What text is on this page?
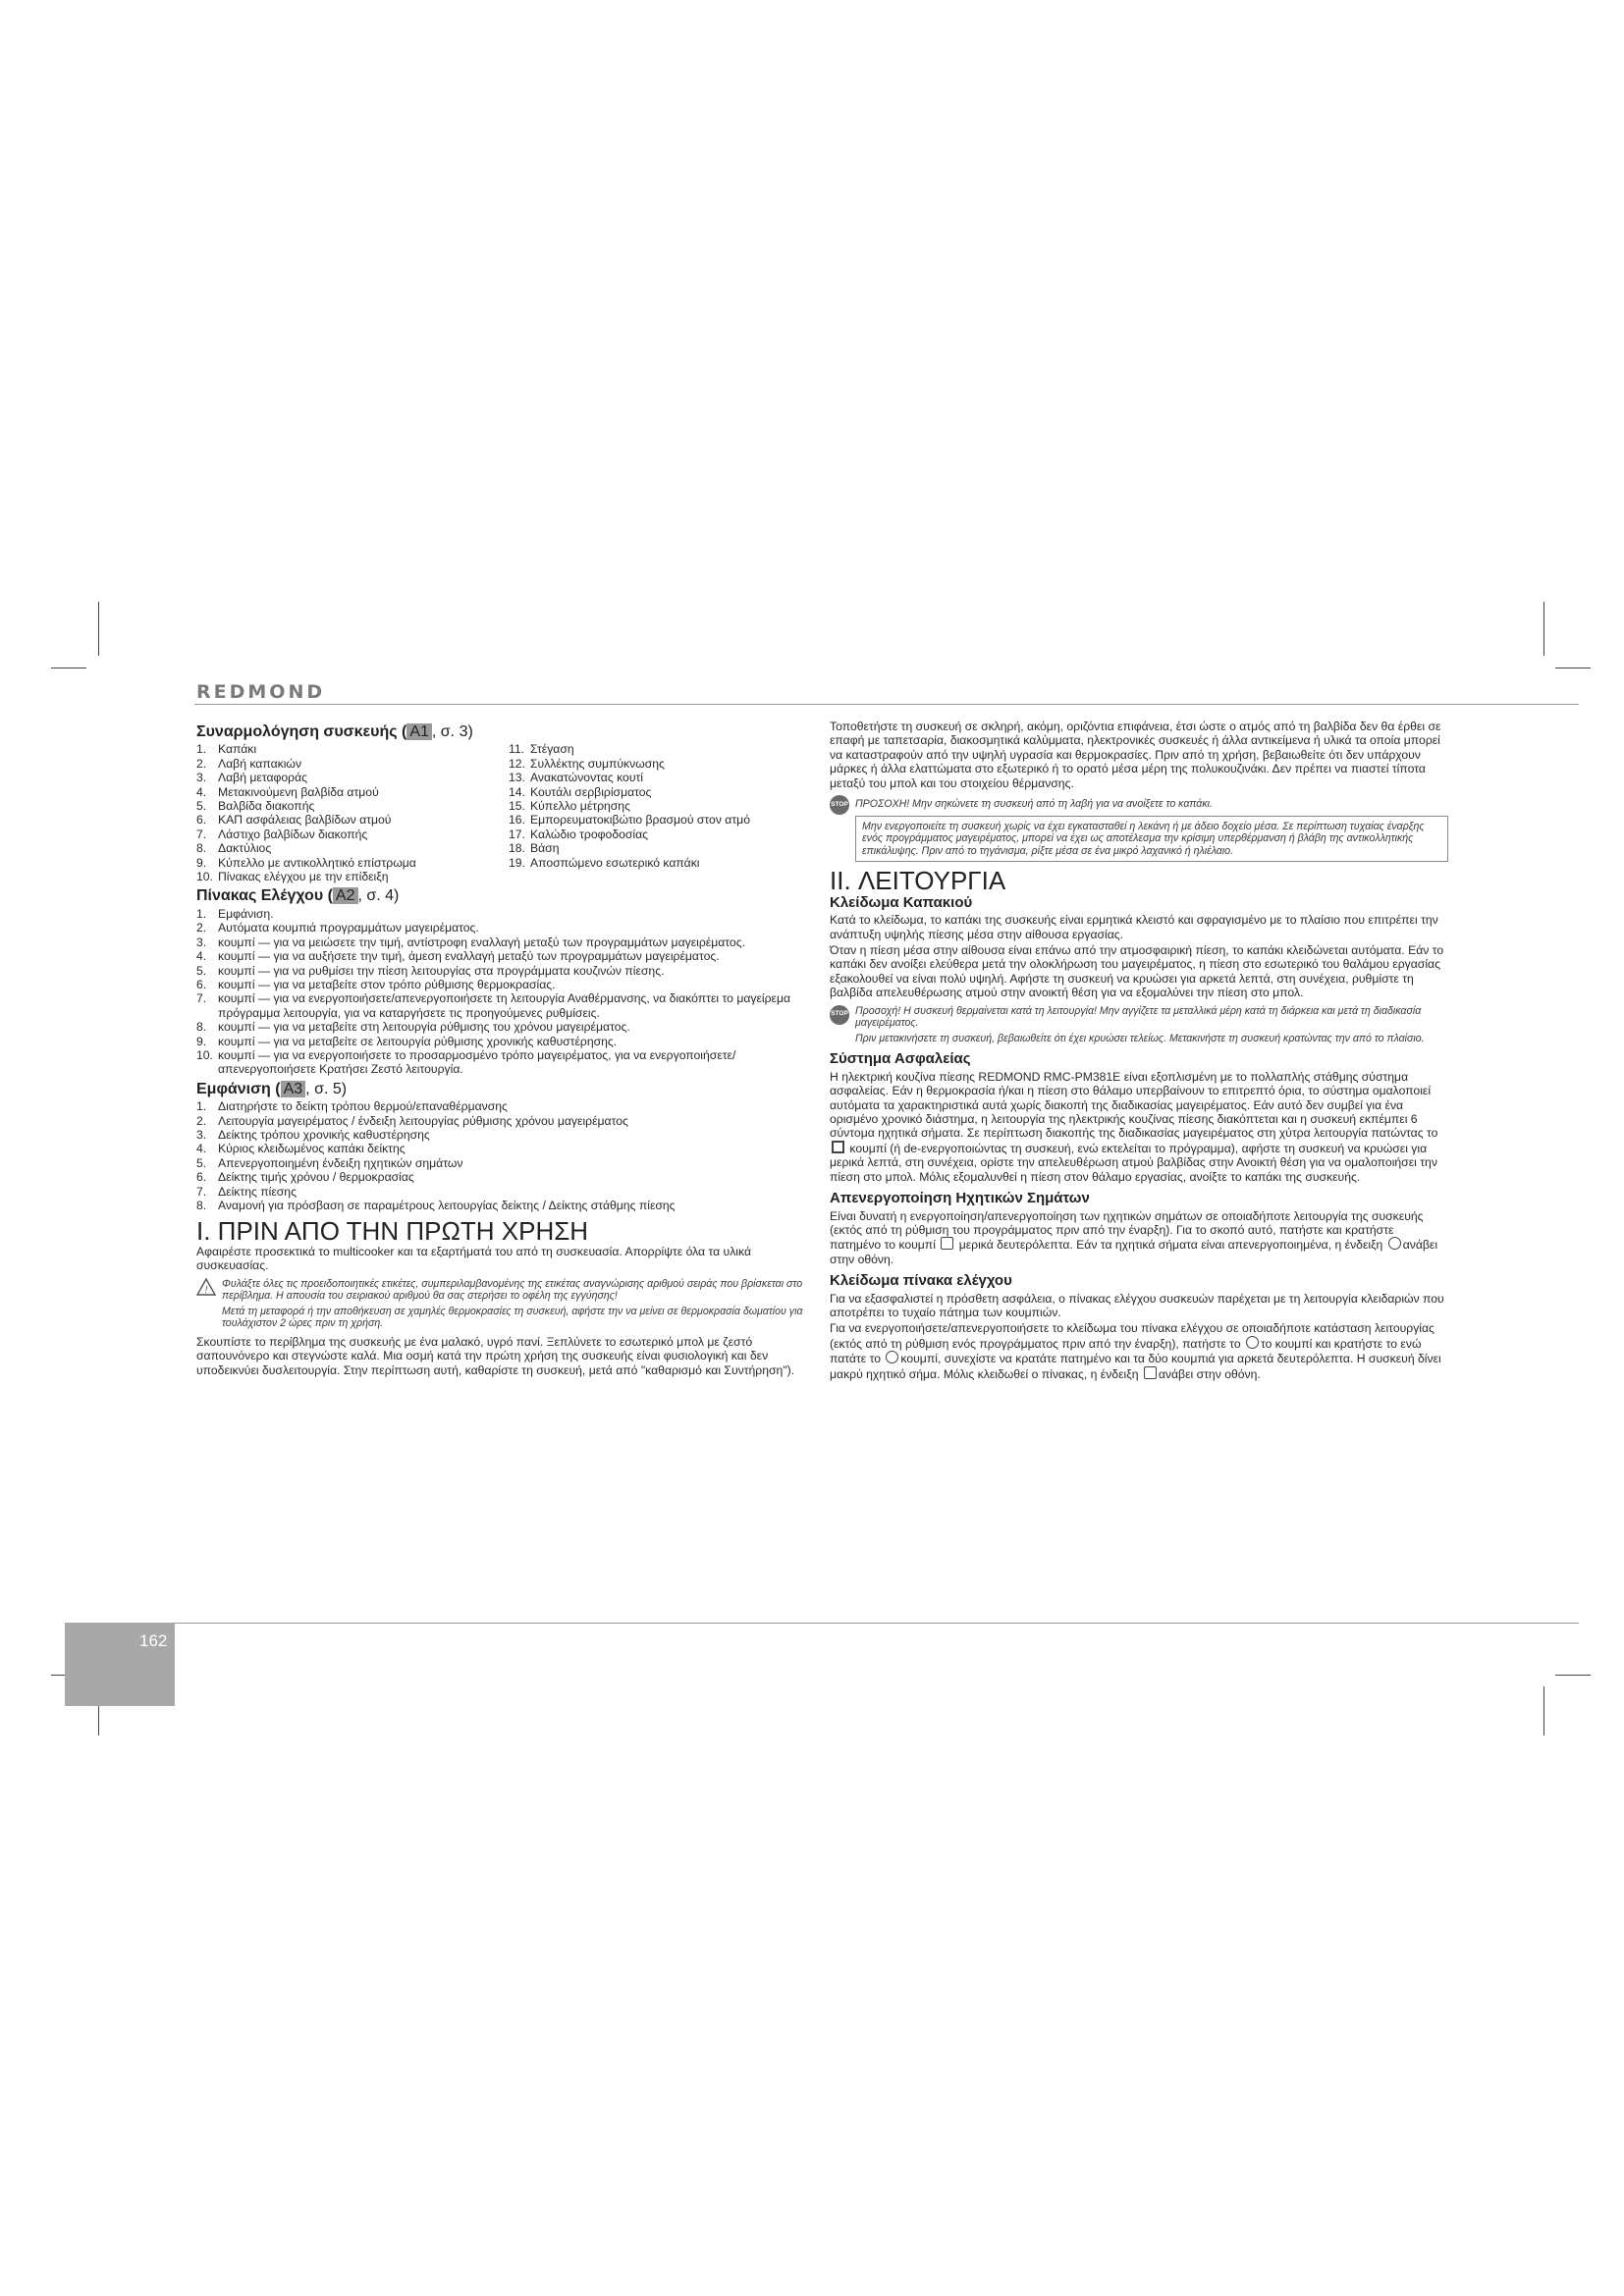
REDMOND
Συναρμολόγηση συσκευής ( A1 , σ. 3)
1. Καπάκι
2. Λαβή καπακιών
3. Λαβή μεταφοράς
4. Μετακινούμενη βαλβίδα ατμού
5. Βαλβίδα διακοπής
6. ΚΑΠ ασφάλειας βαλβίδων ατμού
7. Λάστιχο βαλβίδων διακοπής
8. Δακτύλιος
9. Κύπελλο με αντικολλητικό επίστρωμα
10. Πίνακας ελέγχου με την επίδειξη
11. Στέγαση
12. Συλλέκτης συμπύκνωσης
13. Ανακατώνοντας κουτί
14. Κουτάλι σερβιρίσματος
15. Κύπελλο μέτρησης
16. Εμπορευματοκιβώτιο βρασμού στον ατμό
17. Καλώδιο τροφοδοσίας
18. Βάση
19. Αποσπώμενο εσωτερικό καπάκι
Πίνακας Ελέγχου ( A2 , σ. 4)
1. Εμφάνιση.
2. Αυτόματα κουμπιά προγραμμάτων μαγειρέματος.
3. κουμπί — για να μειώσετε την τιμή, αντίστροφη εναλλαγή μεταξύ των προγραμμάτων μαγειρέματος.
4. κουμπί — για να αυξήσετε την τιμή, άμεση εναλλαγή μεταξύ των προγραμμάτων μαγειρέματος.
5. κουμπί — για να ρυθμίσει την πίεση λειτουργίας στα προγράμματα κουζινών πίεσης.
6. κουμπί — για να μεταβείτε στον τρόπο ρύθμισης θερμοκρασίας.
7. κουμπί — για να ενεργοποιήσετε/απενεργοποιήσετε τη λειτουργία Αναθέρμανσης, να διακόπτει το μαγείρεμα πρόγραμμα λειτουργία, για να καταργήσετε τις προηγούμενες ρυθμίσεις.
8. κουμπί — για να μεταβείτε στη λειτουργία ρύθμισης του χρόνου μαγειρέματος.
9. κουμπί — για να μεταβείτε σε λειτουργία ρύθμισης χρονικής καθυστέρησης.
10. κουμπί — για να ενεργοποιήσετε το προσαρμοσμένο τρόπο μαγειρέματος, για να ενεργοποιήσετε/απενεργοποιήσετε Κρατήσει Ζεστό λειτουργία.
Εμφάνιση ( A3 , σ. 5)
1. Διατηρήστε το δείκτη τρόπου θερμού/επαναθέρμανσης
2. Λειτουργία μαγειρέματος / ένδειξη λειτουργίας ρύθμισης χρόνου μαγειρέματος
3. Δείκτης τρόπου χρονικής καθυστέρησης
4. Κύριος κλειδωμένος καπάκι δείκτης
5. Απενεργοποιημένη ένδειξη ηχητικών σημάτων
6. Δείκτης τιμής χρόνου / θερμοκρασίας
7. Δείκτης πίεσης
8. Αναμονή για πρόσβαση σε παραμέτρους λειτουργίας δείκτης / Δείκτης στάθμης πίεσης
I. ΠΡΙΝ ΑΠΟ ΤΗΝ ΠΡΩΤΗ ΧΡΗΣΗ

Αφαιρέστε προσεκτικά το multicooker και τα εξαρτήματά του από τη συσκευασία. Απορρίψτε όλα τα υλικά συσκευασίας.

!
Φυλάξτε όλες τις προειδοποιητικές ετικέτες, συμπεριλαμβανομένης της ετικέτας αναγνώρισης αριθμού σειράς που βρίσκεται στο περίβλημα. Η απουσία του σειριακού αριθμού θα σας στερήσει το οφέλη της εγγύησης!
Μετά τη μεταφορά ή την αποθήκευση σε χαμηλές θερμοκρασίες τη συσκευή, αφήστε την να μείνει σε θερμοκρασία δωματίου για τουλάχιστον 2 ώρες πριν τη χρήση.

Σκουπίστε το περίβλημα της συσκευής με ένα μαλακό, υγρό πανί. Ξεπλύνετε το εσωτερικό μπολ με ζεστό σαπουνόνερο και στεγνώστε καλά. Μια οσμή κατά την πρώτη χρήση της συσκευής είναι φυσιολογική και δεν υποδεικνύει δυσλειτουργία. Στην περίπτωση αυτή, καθαρίστε τη συσκευή, μετά από "καθαρισμό και Συντήρηση").

Τοποθετήστε τη συσκευή σε σκληρή, ακόμη, οριζόντια επιφάνεια, έτσι ώστε ο ατμός από τη βαλβίδα δεν θα έρθει σε επαφή με ταπετσαρία, διακοσμητικά καλύμματα, ηλεκτρονικές συσκευές ή άλλα αντικείμενα ή υλικά τα οποία μπορεί να καταστραφούν από την υψηλή υγρασία και θερμοκρασίες. Πριν από τη χρήση, βεβαιωθείτε ότι δεν υπάρχουν μάρκες ή άλλα ελαττώματα στο εξωτερικό ή το ορατό μέσα μέρη της πολυκουζινάκι. Δεν πρέπει να πιαστεί τίποτα μεταξύ του μπολ και του στοιχείου θέρμανσης.

STOP ΠΡΟΣΟΧΗ! Μην σηκώνετε τη συσκευή από τη λαβή για να ανοίξετε το καπάκι.
Μην ενεργοποιείτε τη συσκευή χωρίς να έχει εγκατασταθεί η λεκάνη ή με άδειο δοχείο μέσα. Σε περίπτωση τυχαίας έναρξης ενός προγράμματος μαγειρέματος, μπορεί να έχει ως αποτέλεσμα την κρίσιμη υπερθέρμανση ή βλάβη της αντικολλητικής επικάλυψης. Πριν από το τηγάνισμα, ρίξτε μέσα σε ένα μικρό λαχανικό ή ηλιέλαιο.
II. ΛΕΙΤΟΥΡΓΙΑ
Κλείδωμα Καπακιού

Κατά το κλείδωμα, το καπάκι της συσκευής είναι ερμητικά κλειστό και σφραγισμένο με το πλαίσιο που επιτρέπει την ανάπτυξη υψηλής πίεσης μέσα στην αίθουσα εργασίας.

Όταν η πίεση μέσα στην αίθουσα είναι επάνω από την ατμοσφαιρική πίεση, το καπάκι κλειδώνεται αυτόματα. Εάν το καπάκι δεν ανοίξει ελεύθερα μετά την ολοκλήρωση του μαγειρέματος, η πίεση στο εσωτερικό του θαλάμου εργασίας εξακολουθεί να είναι πολύ υψηλή. Αφήστε τη συσκευή να κρυώσει για αρκετά λεπτά, στη συνέχεια, ρυθμίστε τη βαλβίδα απελευθέρωσης ατμού στην ανοικτή θέση για να εξομαλύνει την πίεση στο μπολ.

STOP Προσοχή! Η συσκευή θερμαίνεται κατά τη λειτουργία! Μην αγγίζετε τα μεταλλικά μέρη κατά τη διάρκεια και μετά τη διαδικασία μαγειρέματος.
Πριν μετακινήσετε τη συσκευή, βεβαιωθείτε ότι έχει κρυώσει τελείως. Μετακινήστε τη συσκευή κρατώντας την από το πλαίσιο.
Σύστημα Ασφαλείας

Η ηλεκτρική κουζίνα πίεσης REDMOND RMC-PM381E είναι εξοπλισμένη με το πολλαπλής στάθμης σύστημα ασφαλείας. Εάν η θερμοκρασία ή/και η πίεση στο θάλαμο υπερβαίνουν το επιτρεπτό όρια, το σύστημα ομαλοποιεί αυτόματα τα χαρακτηριστικά αυτά χωρίς διακοπή της διαδικασίας μαγειρέματος. Εάν αυτό δεν συμβεί για ένα ορισμένο χρονικό διάστημα, η λειτουργία της ηλεκτρικής κουζίνας πίεσης διακόπτεται και η συσκευή εκπέμπει 6 σύντομα ηχητικά σήματα. Σε περίπτωση διακοπής της διαδικασίας μαγειρέματος στη χύτρα λειτουργία πατώντας το  κουμπί (ή de-ενεργοποιώντας τη συσκευή, ενώ εκτελείται το πρόγραμμα), αφήστε τη συσκευή να κρυώσει για μερικά λεπτά, στη συνέχεια, ορίστε την απελευθέρωση ατμού βαλβίδας στην Ανοικτή θέση για να ομαλοποιήσει την πίεση στο μπολ. Μόλις εξομαλυνθεί η πίεση στον θάλαμο εργασίας, ανοίξτε το καπάκι της συσκευής.

Απενεργοποίηση Ηχητικών Σημάτων

Είναι δυνατή η ενεργοποίηση/απενεργοποίηση των ηχητικών σημάτων σε οποιαδήποτε λειτουργία της συσκευής (εκτός από τη ρύθμιση του προγράμματος πριν από την έναρξη). Για το σκοπό αυτό, πατήστε και κρατήστε πατημένο το κουμπί μερικά δευτερόλεπτα. Εάν τα ηχητικά σήματα είναι απενεργοποιημένα, η ένδειξη ανάβει στην οθόνη.

Κλείδωμα πίνακα ελέγχου

Για να εξασφαλιστεί η πρόσθετη ασφάλεια, ο πίνακας ελέγχου συσκευών παρέχεται με τη λειτουργία κλειδαριών που αποτρέπει το τυχαίο πάτημα των κουμπιών.

Για να ενεργοποιήσετε/απενεργοποιήσετε το κλείδωμα του πίνακα ελέγχου σε οποιαδήποτε κατάσταση λειτουργίας (εκτός από τη ρύθμιση ενός προγράμματος πριν από την έναρξη), πατήστε το το κουμπί και κρατήστε το ενώ πατάτε το κουμπί, συνεχίστε να κρατάτε πατημένο και τα δύο κουμπιά για αρκετά δευτερόλεπτα. Η συσκευή δίνει μακρύ ηχητικό σήμα. Μόλις κλειδωθεί ο πίνακας, η ένδειξη ανάβει στην οθόνη.

162
